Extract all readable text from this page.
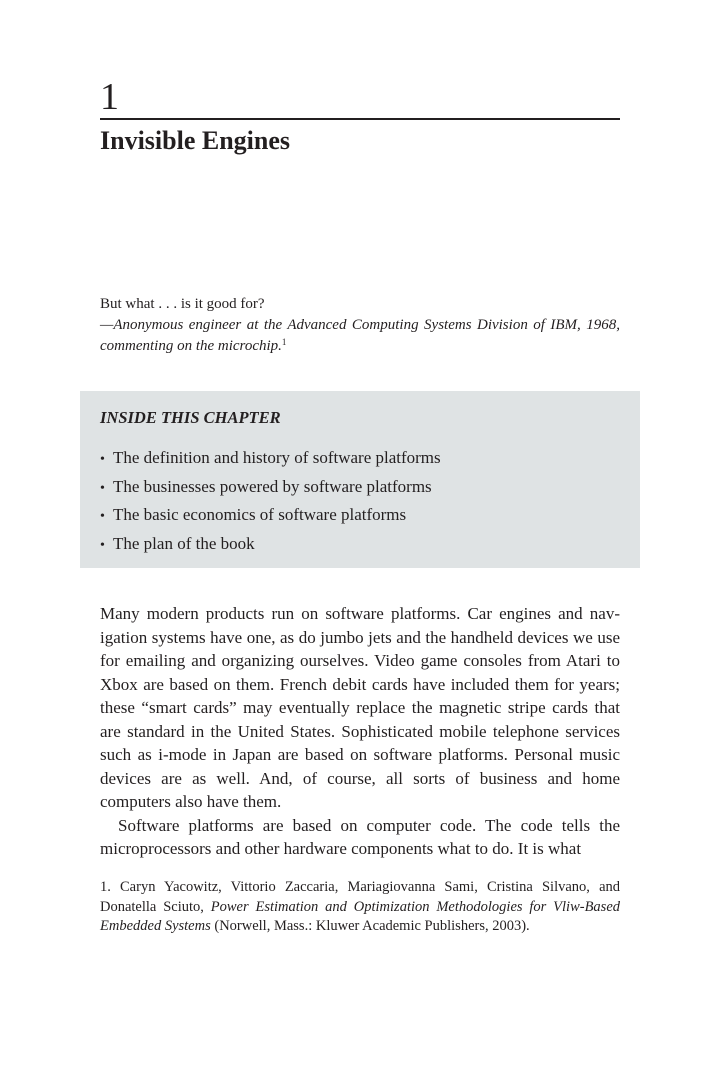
1
Invisible Engines
But what . . . is it good for?
—Anonymous engineer at the Advanced Computing Systems Division of IBM, 1968, commenting on the microchip.$^1$
INSIDE THIS CHAPTER
• The definition and history of software platforms
• The businesses powered by software platforms
• The basic economics of software platforms
• The plan of the book

Many modern products run on software platforms. Car engines and navigation systems have one, as do jumbo jets and the handheld devices we use for emailing and organizing ourselves. Video game consoles from Atari to Xbox are based on them. French debit cards have included them for years; these “smart cards” may eventually replace the magnetic stripe cards that are standard in the United States. Sophisticated mobile telephone services such as i-mode in Japan are based on software platforms. Personal music devices are as well. And, of course, all sorts of business and home computers also have them.

Software platforms are based on computer code. The code tells the microprocessors and other hardware components what to do. It is what

1. Caryn Yacowitz, Vittorio Zaccaria, Mariagiovanna Sami, Cristina Silvano, and Donatella Sciuto, Power Estimation and Optimization Methodologies for Vliw-Based Embedded Systems (Norwell, Mass.: Kluwer Academic Publishers, 2003).
